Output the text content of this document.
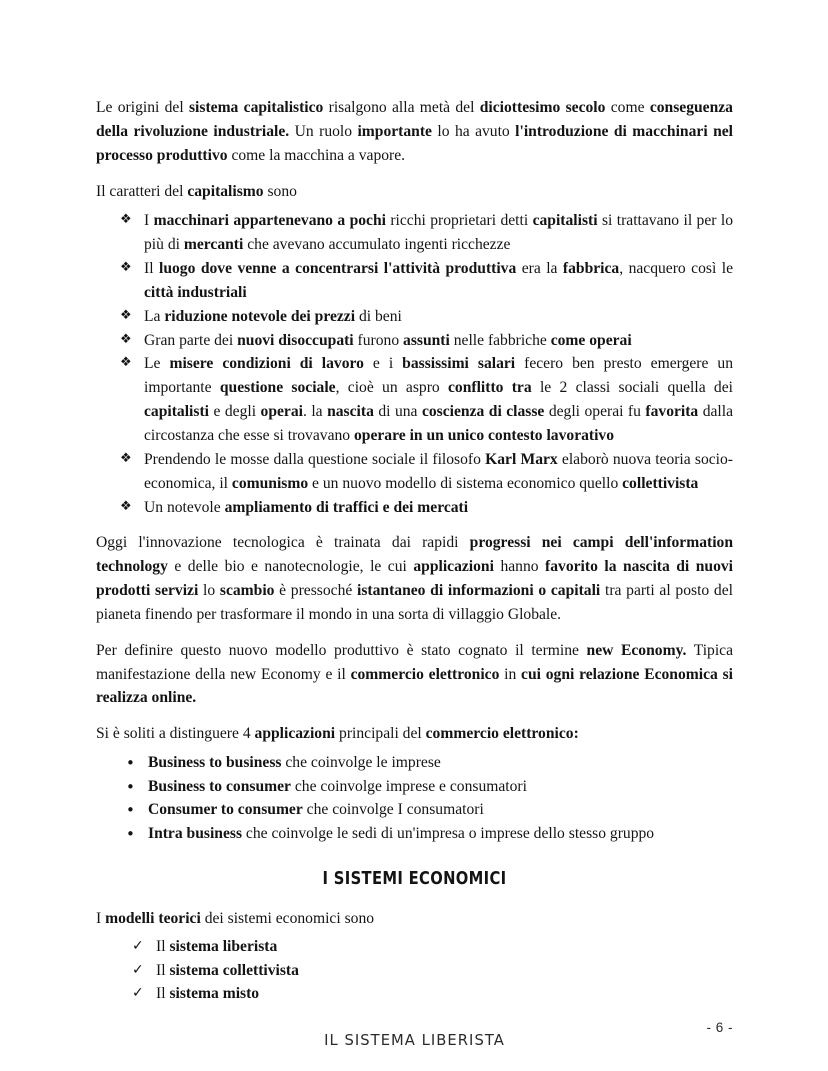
Le origini del sistema capitalistico risalgono alla metà del diciottesimo secolo come conseguenza della rivoluzione industriale. Un ruolo importante lo ha avuto l'introduzione di macchinari nel processo produttivo come la macchina a vapore.

Il caratteri del capitalismo sono

❖ I macchinari appartenevano a pochi ricchi proprietari detti capitalisti si trattavano il per lo più di mercanti che avevano accumulato ingenti ricchezze
❖ Il luogo dove venne a concentrarsi l'attività produttiva era la fabbrica, nacquero così le città industriali
❖ La riduzione notevole dei prezzi di beni
❖ Gran parte dei nuovi disoccupati furono assunti nelle fabbriche come operai
❖ Le misere condizioni di lavoro e i bassissimi salari fecero ben presto emergere un importante questione sociale, cioè un aspro conflitto tra le 2 classi sociali quella dei capitalisti e degli operai. la nascita di una coscienza di classe degli operai fu favorita dalla circostanza che esse si trovavano operare in un unico contesto lavorativo
❖ Prendendo le mosse dalla questione sociale il filosofo Karl Marx elaborò nuova teoria socio-economica, il comunismo e un nuovo modello di sistema economico quello collettivista
❖ Un notevole ampliamento di traffici e dei mercati

Oggi l'innovazione tecnologica è trainata dai rapidi progressi nei campi dell'information technology e delle bio e nanotecnologie, le cui applicazioni hanno favorito la nascita di nuovi prodotti servizi lo scambio è pressoché istantaneo di informazioni o capitali tra parti al posto del pianeta finendo per trasformare il mondo in una sorta di villaggio Globale.

Per definire questo nuovo modello produttivo è stato cognato il termine new Economy. Tipica manifestazione della new Economy e il commercio elettronico in cui ogni relazione Economica si realizza online.

Si è soliti a distinguere 4 applicazioni principali del commercio elettronico:

• Business to business che coinvolge le imprese
• Business to consumer che coinvolge imprese e consumatori
• Consumer to consumer che coinvolge I consumatori
• Intra business che coinvolge le sedi di un'impresa o imprese dello stesso gruppo
I SISTEMI ECONOMICI

I modelli teorici dei sistemi economici sono

✓ Il sistema liberista
✓ Il sistema collettivista
✓ Il sistema misto
IL SISTEMA LIBERISTA
- 6 -
